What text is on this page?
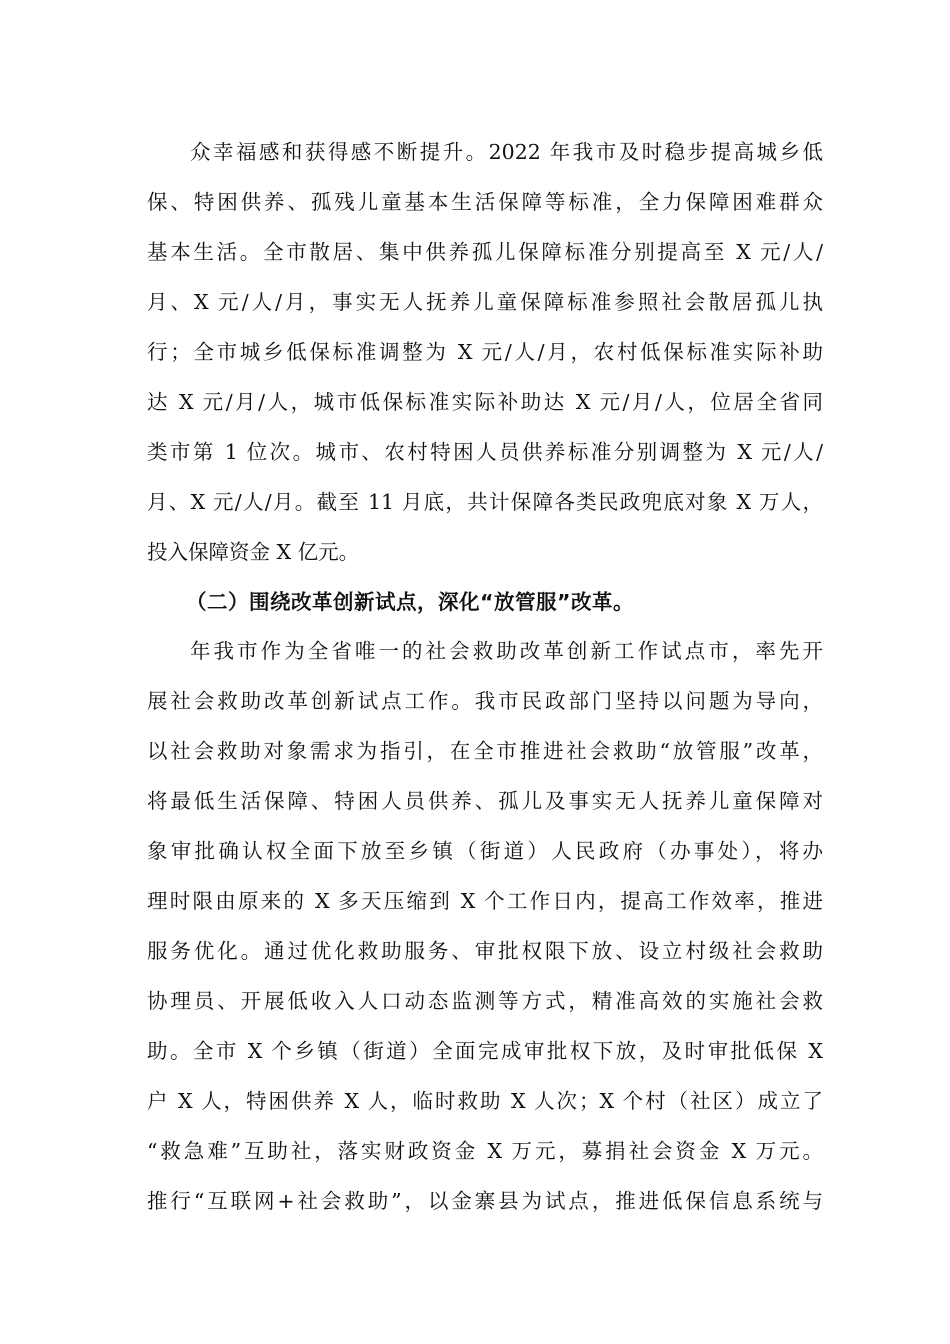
众幸福感和获得感不断提升。2022 年我市及时稳步提高城乡低
保、特困供养、孤残儿童基本生活保障等标准，全力保障困难群众
基本生活。全市散居、集中供养孤儿保障标准分别提高至 X 元/人/
月、X 元/人/月，事实无人抚养儿童保障标准参照社会散居孤儿执
行；全市城乡低保标准调整为 X 元/人/月，农村低保标准实际补助
达 X 元/月/人，城市低保标准实际补助达 X 元/月/人，位居全省同
类市第 1 位次。城市、农村特困人员供养标准分别调整为 X 元/人/
月、X 元/人/月。截至 11 月底，共计保障各类民政兜底对象 X 万人，
投入保障资金 X 亿元。
（二）围绕改革创新试点，深化“放管服”改革。
年我市作为全省唯一的社会救助改革创新工作试点市，率先开
展社会救助改革创新试点工作。我市民政部门坚持以问题为导向，
以社会救助对象需求为指引，在全市推进社会救助“放管服”改革，
将最低生活保障、特困人员供养、孤儿及事实无人抚养儿童保障对
象审批确认权全面下放至乡镇（街道）人民政府（办事处），将办
理时限由原来的 X 多天压缩到 X 个工作日内，提高工作效率，推进
服务优化。通过优化救助服务、审批权限下放、设立村级社会救助
协理员、开展低收入人口动态监测等方式，精准高效的实施社会救
助。全市 X 个乡镇（街道）全面完成审批权下放，及时审批低保 X
户 X 人，特困供养 X 人，临时救助 X 人次；X 个村（社区）成立了
“救急难”互助社，落实财政资金 X 万元，募捐社会资金 X 万元。
推行“互联网+社会救助”，以金寨县为试点，推进低保信息系统与
